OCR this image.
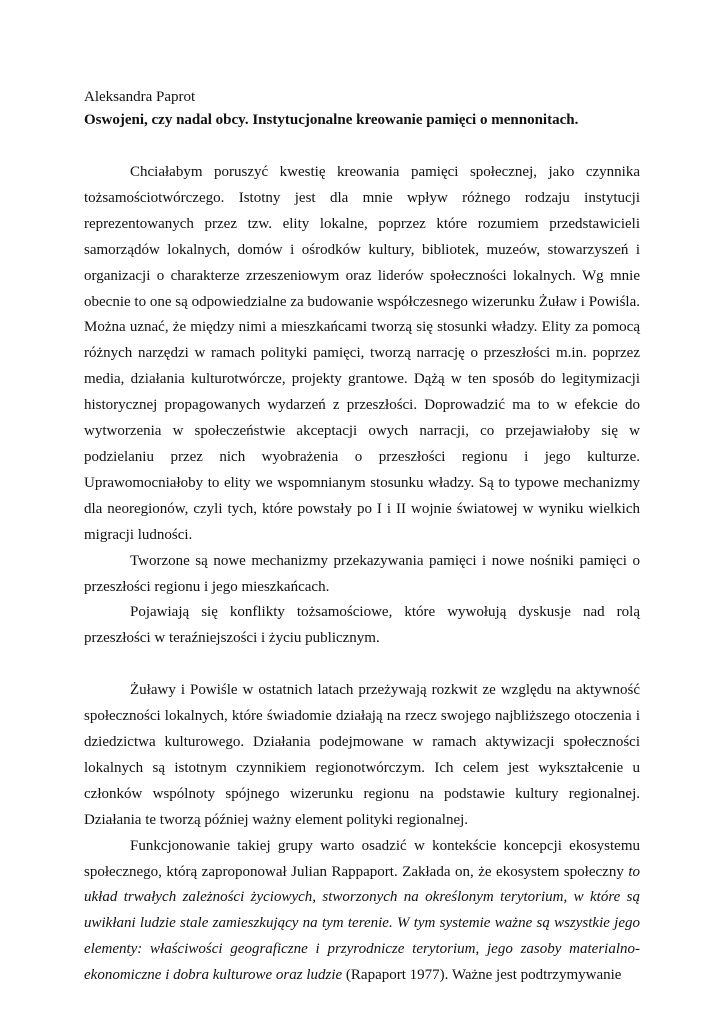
Aleksandra Paprot

Oswojeni, czy nadal obcy. Instytucjonalne kreowanie pamięci o mennonitach.

Chciałabym poruszyć kwestię kreowania pamięci społecznej, jako czynnika tożsamościotwórczego. Istotny jest dla mnie wpływ różnego rodzaju instytucji reprezentowanych przez tzw. elity lokalne, poprzez które rozumiem przedstawicieli samorządów lokalnych, domów i ośrodków kultury, bibliotek, muzeów, stowarzyszeń i organizacji o charakterze zrzeszeniowym oraz liderów społeczności lokalnych. Wg mnie obecnie to one są odpowiedzialne za budowanie współczesnego wizerunku Żuław i Powiśla. Można uznać, że między nimi a mieszkańcami tworzą się stosunki władzy. Elity za pomocą różnych narzędzi w ramach polityki pamięci, tworzą narrację o przeszłości m.in. poprzez media, działania kulturotwórcze, projekty grantowe. Dążą w ten sposób do legitymizacji historycznej propagowanych wydarzeń z przeszłości. Doprowadzić ma to w efekcie do wytworzenia w społeczeństwie akceptacji owych narracji, co przejawiałoby się w podzielaniu przez nich wyobrażenia o przeszłości regionu i jego kulturze. Uprawomocniałoby to elity we wspomnianym stosunku władzy. Są to typowe mechanizmy dla neoregionów, czyli tych, które powstały po I i II wojnie światowej w wyniku wielkich migracji ludności.

Tworzone są nowe mechanizmy przekazywania pamięci i nowe nośniki pamięci o przeszłości regionu i jego mieszkańcach.

Pojawiają się konflikty tożsamościowe, które wywołują dyskusje nad rolą przeszłości w teraźniejszości i życiu publicznym.

Żuławy i Powiśle w ostatnich latach przeżywają rozkwit ze względu na aktywność społeczności lokalnych, które świadomie działają na rzecz swojego najbliższego otoczenia i dziedzictwa kulturowego. Działania podejmowane w ramach aktywizacji społeczności lokalnych są istotnym czynnikiem regionotwórczym. Ich celem jest wykształcenie u członków wspólnoty spójnego wizerunku regionu na podstawie kultury regionalnej. Działania te tworzą później ważny element polityki regionalnej.

Funkcjonowanie takiej grupy warto osadzić w kontekście koncepcji ekosystemu społecznego, którą zaproponował Julian Rappaport. Zakłada on, że ekosystem społeczny to układ trwałych zależności życiowych, stworzonych na określonym terytorium, w które są uwikłani ludzie stale zamieszkujący na tym terenie. W tym systemie ważne są wszystkie jego elementy: właściwości geograficzne i przyrodnicze terytorium, jego zasoby materialno-ekonomiczne i dobra kulturowe oraz ludzie (Rapaport 1977). Ważne jest podtrzymywanie
